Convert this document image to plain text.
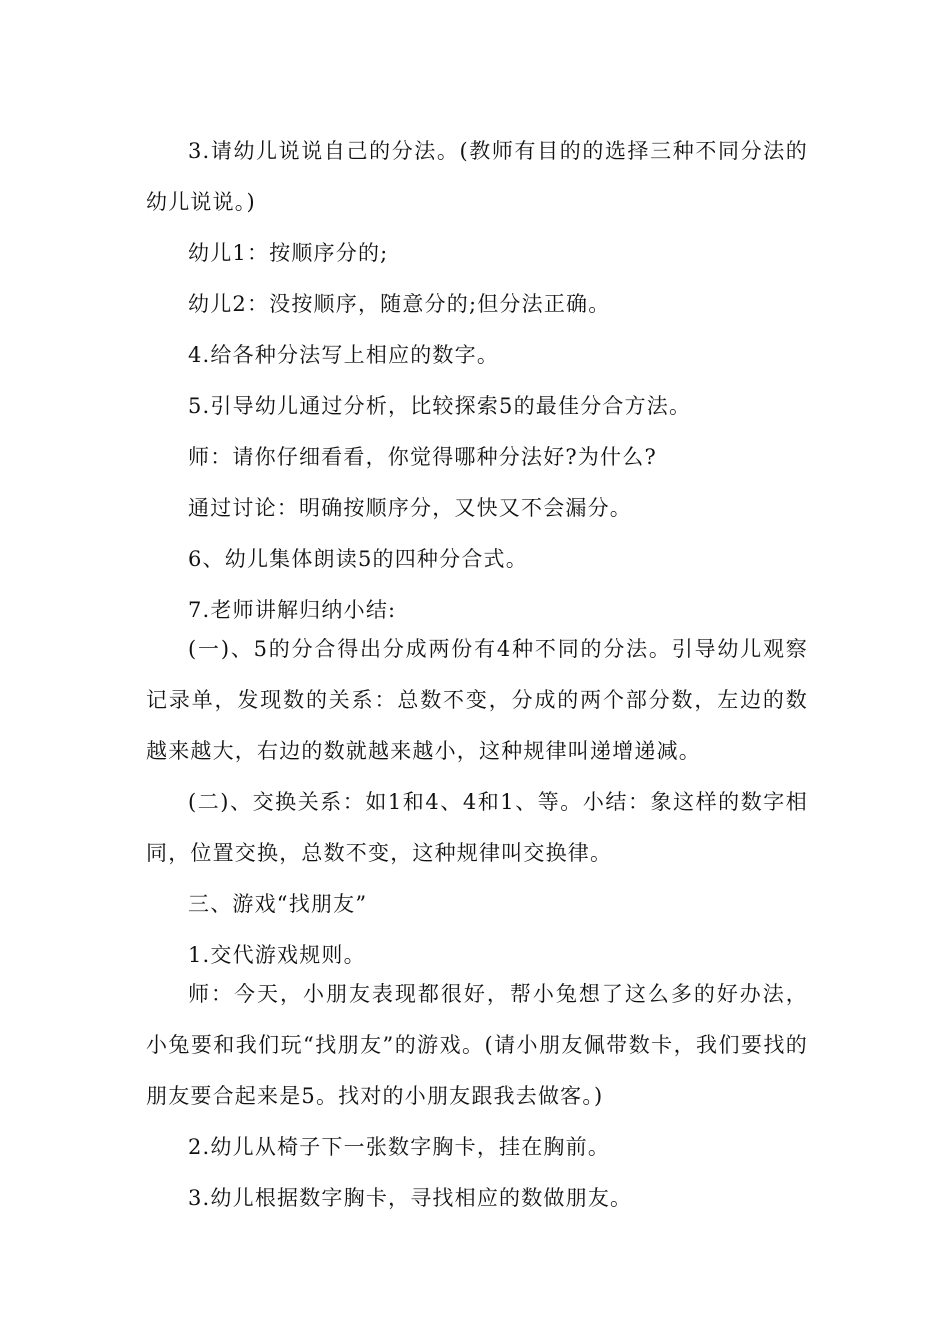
3.请幼儿说说自己的分法。(教师有目的的选择三种不同分法的幼儿说说。)

幼儿1：按顺序分的;

幼儿2：没按顺序，随意分的;但分法正确。

4.给各种分法写上相应的数字。

5.引导幼儿通过分析，比较探索5的最佳分合方法。

师：请你仔细看看，你觉得哪种分法好?为什么?

通过讨论：明确按顺序分，又快又不会漏分。

6、幼儿集体朗读5的四种分合式。

7.老师讲解归纳小结:

(一)、5的分合得出分成两份有4种不同的分法。引导幼儿观察记录单，发现数的关系：总数不变，分成的两个部分数，左边的数越来越大，右边的数就越来越小，这种规律叫递增递减。

(二)、交换关系：如1和4、4和1、等。小结：象这样的数字相同，位置交换，总数不变，这种规律叫交换律。

三、游戏“找朋友”

1.交代游戏规则。

师：今天，小朋友表现都很好，帮小兔想了这么多的好办法，小兔要和我们玩“找朋友”的游戏。(请小朋友佩带数卡，我们要找的朋友要合起来是5。找对的小朋友跟我去做客。)

2.幼儿从椅子下一张数字胸卡，挂在胸前。

3.幼儿根据数字胸卡，寻找相应的数做朋友。
